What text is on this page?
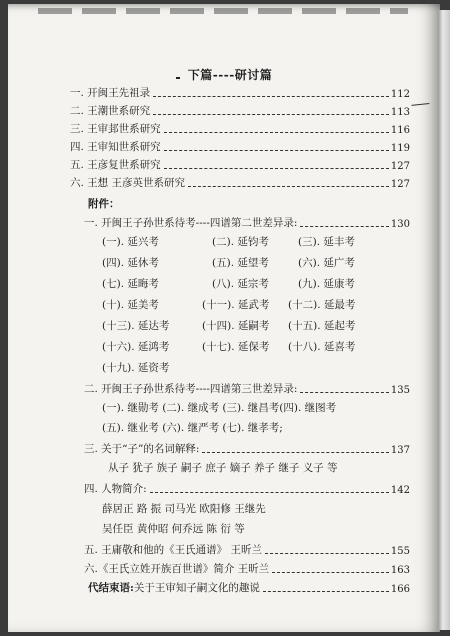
下篇----研讨篇
一. 开闽王先祖录	112
二. 王潮世系研究	113
三. 王审邽世系研究	116
四. 王审知世系研究	119
五. 王彦复世系研究	127
六. 王想 王彦英世系研究	127
附件：
一. 开闽王子孙世系待考----四谱第二世差异录:	130
(一). 延兴考	(二). 延钧考	(三). 延丰考
(四). 延休考	(五). 延望考	(六). 延广考
(七). 延晦考	(八). 延宗考	(九). 延康考
(十). 延美考	(十一). 延武考 (十二). 延最考
(十三). 延达考	(十四). 延嗣考 (十五). 延起考
(十六). 延鸿考	(十七). 延保考 (十八). 延喜考
(十九). 延资考
二. 开闽王子孙世系待考----四谱第三世差异录:	135
(一). 继勋考 (二). 继成考 (三). 继昌考(四). 继图考
(五). 继业考 (六). 继严考 (七). 继孝考;
三. 关于“子”的名词解释:	137
从子 犹子 族子 嗣子 庶子 嫡子 养子 继子 义子 等
四. 人物简介:	142
薛居正 路 振 司马光 欧阳修 王继先
吴任臣 黄仲昭 何乔远 陈 衍 等
五. 王庸敬和他的《王氏通谱》 王昕兰	155
六.《王氏立姓开族百世谱》简介 王昕兰	163
代结束语:关于王审知子嗣文化的趣说	166
